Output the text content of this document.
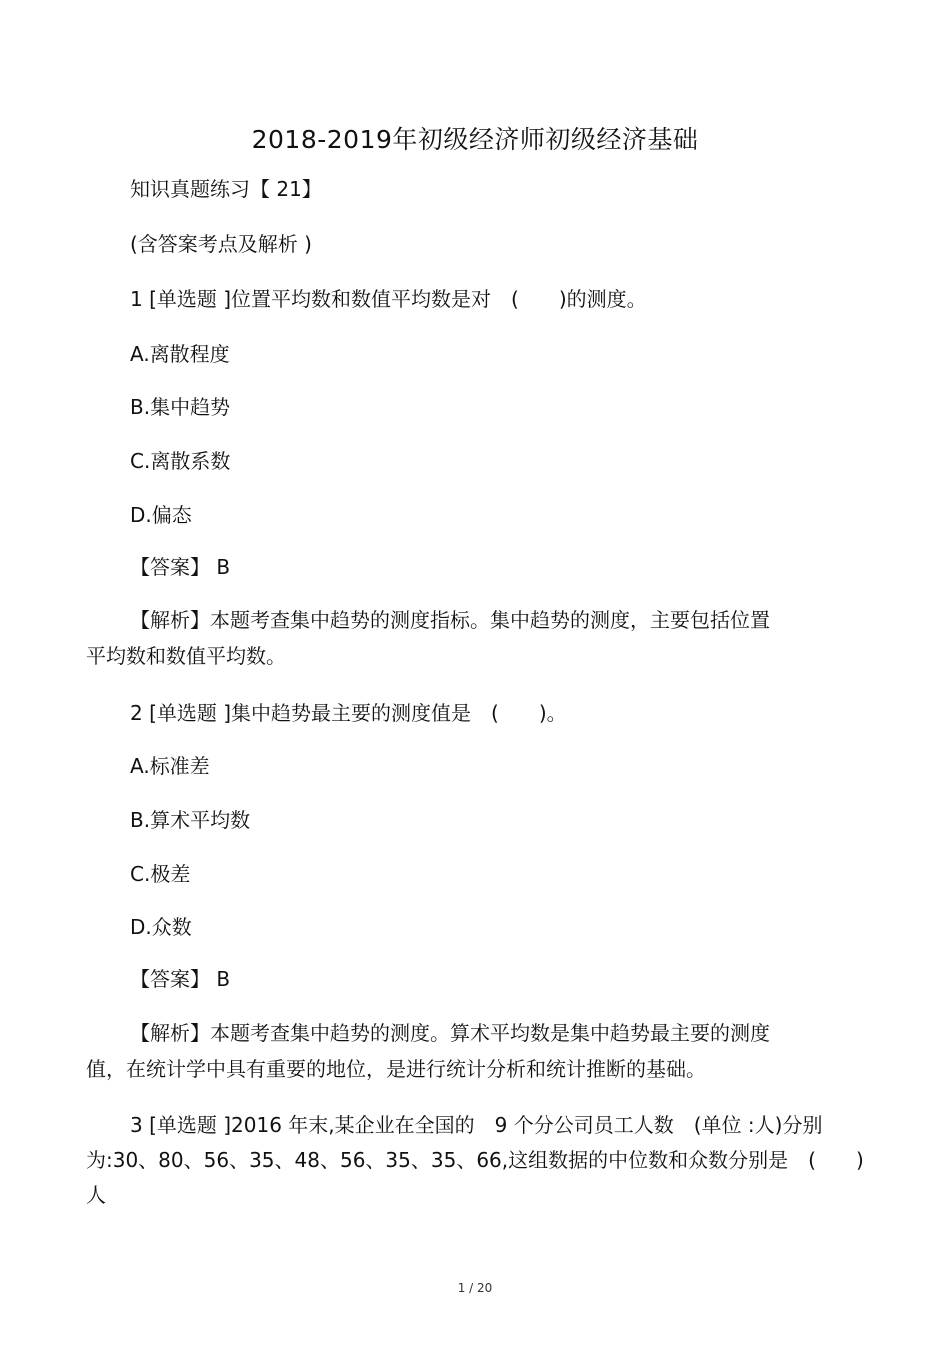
2018-2019年初级经济师初级经济基础
知识真题练习【 21】
(含答案考点及解析 )
1 [单选题 ]位置平均数和数值平均数是对　(　　)的测度。
A.离散程度
B.集中趋势
C.离散系数
D.偏态
【答案】 B
【解析】本题考查集中趋势的测度指标。集中趋势的测度，主要包括位置
平均数和数值平均数。
2 [单选题 ]集中趋势最主要的测度值是　(　　)。
A.标准差
B.算术平均数
C.极差
D.众数
【答案】 B
【解析】本题考查集中趋势的测度。算术平均数是集中趋势最主要的测度
值，在统计学中具有重要的地位，是进行统计分析和统计推断的基础。
3 [单选题 ]2016 年末,某企业在全国的　9 个分公司员工人数　(单位 :人)分别
为:30、80、56、35、48、56、35、35、66,这组数据的中位数和众数分别是　(　　)
人
1 / 20
